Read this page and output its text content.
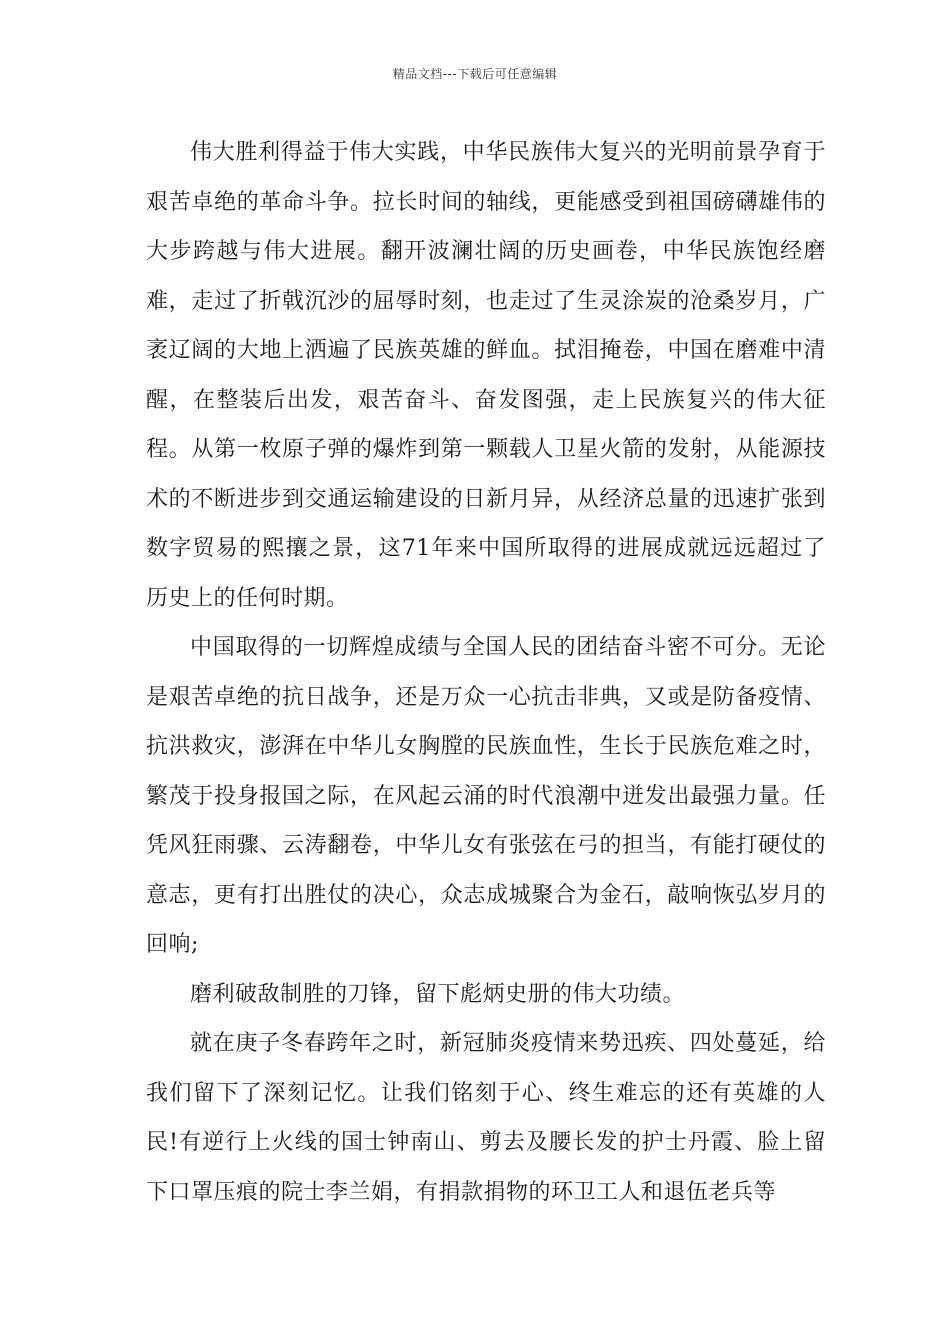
精品文档---下载后可任意编辑

伟大胜利得益于伟大实践，中华民族伟大复兴的光明前景孕育于艰苦卓绝的革命斗争。拉长时间的轴线，更能感受到祖国磅礴雄伟的大步跨越与伟大进展。翻开波澜壮阔的历史画卷，中华民族饱经磨难，走过了折戟沉沙的屈辱时刻，也走过了生灵涂炭的沧桑岁月，广袤辽阔的大地上洒遍了民族英雄的鲜血。拭泪掩卷，中国在磨难中清醒，在整装后出发，艰苦奋斗、奋发图强，走上民族复兴的伟大征程。从第一枚原子弹的爆炸到第一颗载人卫星火箭的发射，从能源技术的不断进步到交通运输建设的日新月异，从经济总量的迅速扩张到数字贸易的熙攘之景，这71年来中国所取得的进展成就远远超过了历史上的任何时期。

中国取得的一切辉煌成绩与全国人民的团结奋斗密不可分。无论是艰苦卓绝的抗日战争，还是万众一心抗击非典，又或是防备疫情、抗洪救灾，澎湃在中华儿女胸膛的民族血性，生长于民族危难之时，繁茂于投身报国之际，在风起云涌的时代浪潮中迸发出最强力量。任凭风狂雨骤、云涛翻卷，中华儿女有张弦在弓的担当，有能打硬仗的意志，更有打出胜仗的决心，众志成城聚合为金石，敲响恢弘岁月的回响;

磨利破敌制胜的刀锋，留下彪炳史册的伟大功绩。

就在庚子冬春跨年之时，新冠肺炎疫情来势迅疾、四处蔓延，给我们留下了深刻记忆。让我们铭刻于心、终生难忘的还有英雄的人民!有逆行上火线的国士钟南山、剪去及腰长发的护士丹霞、脸上留下口罩压痕的院士李兰娟，有捐款捐物的环卫工人和退伍老兵等
